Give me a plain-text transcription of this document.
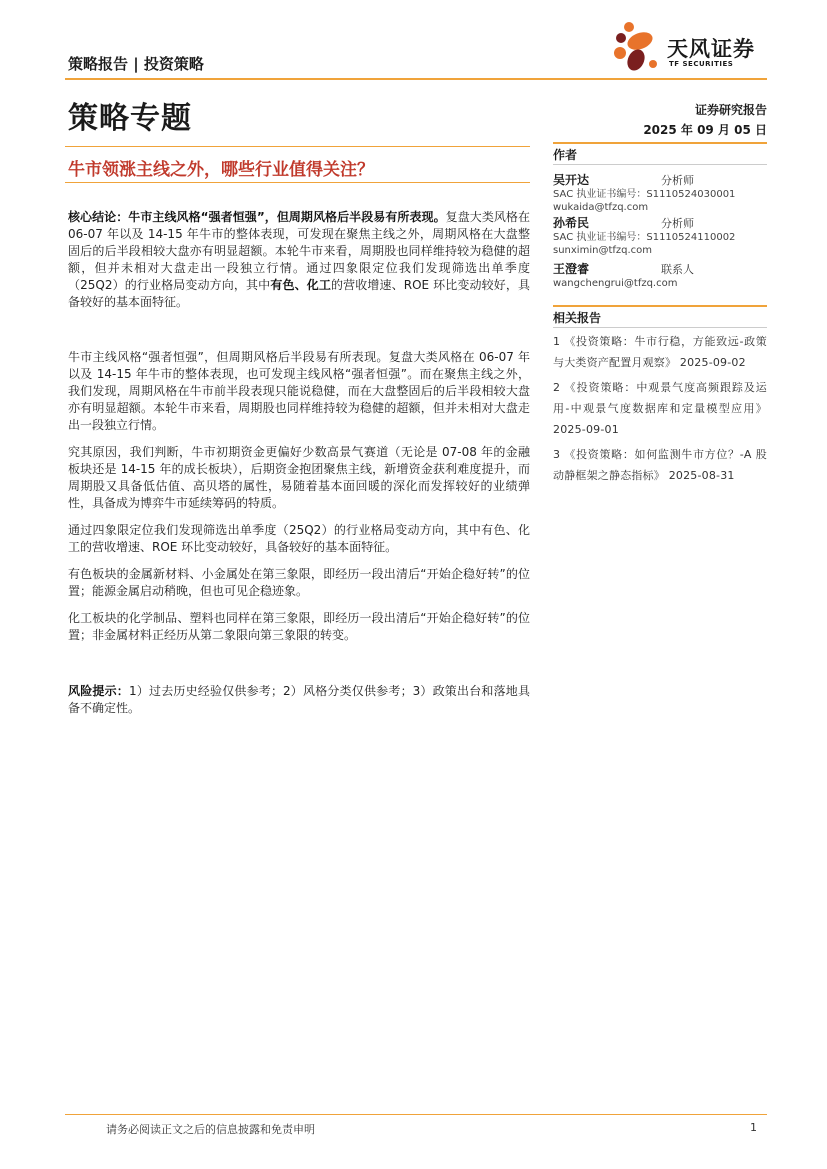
策略报告 | 投资策略
天风证券
TF SECURITIES
策略专题	证券研究报告
2025 年 09 月 05 日
牛市领涨主线之外，哪些行业值得关注？

核心结论：牛市主线风格“强者恒强”，但周期风格后半段易有所表现。复盘大类风格在 06-07 年以及 14-15 年牛市的整体表现，可发现在聚焦主线之外，周期风格在大盘整固后的后半段相较大盘亦有明显超额。本轮牛市来看，周期股也同样维持较为稳健的超额，但并未相对大盘走出一段独立行情。通过四象限定位我们发现筛选出单季度（25Q2）的行业格局变动方向，其中有色、化工的营收增速、ROE 环比变动较好，具备较好的基本面特征。

牛市主线风格“强者恒强”，但周期风格后半段易有所表现。复盘大类风格在 06-07 年以及 14-15 年牛市的整体表现，也可发现主线风格“强者恒强”。而在聚焦主线之外，我们发现，周期风格在牛市前半段表现只能说稳健，而在大盘整固后的后半段相较大盘亦有明显超额。本轮牛市来看，周期股也同样维持较为稳健的超额，但并未相对大盘走出一段独立行情。

究其原因，我们判断，牛市初期资金更偏好少数高景气赛道（无论是 07-08 年的金融板块还是 14-15 年的成长板块），后期资金抱团聚焦主线，新增资金获利难度提升，而周期股又具备低估值、高贝塔的属性，易随着基本面回暖的深化而发挥较好的业绩弹性，具备成为博弈牛市延续筹码的特质。

通过四象限定位我们发现筛选出单季度（25Q2）的行业格局变动方向，其中有色、化工的营收增速、ROE 环比变动较好，具备较好的基本面特征。

有色板块的金属新材料、小金属处在第三象限，即经历一段出清后“开始企稳好转”的位置；能源金属启动稍晚，但也可见企稳迹象。

化工板块的化学制品、塑料也同样在第三象限，即经历一段出清后“开始企稳好转”的位置；非金属材料正经历从第二象限向第三象限的转变。

风险提示：1）过去历史经验仅供参考；2）风格分类仅供参考；3）政策出台和落地具备不确定性。

作者
吴开达	分析师
SAC 执业证书编号：S1110524030001
wukaida@tfzq.com
孙希民	分析师
SAC 执业证书编号：S1110524110002
sunximin@tfzq.com
王澄睿	联系人
wangchengrui@tfzq.com
相关报告
1 《投资策略：牛市行稳，方能致远-政策与大类资产配置月观察》 2025-09-02
2 《投资策略：中观景气度高频跟踪及运用-中观景气度数据库和定量模型应用》 2025-09-01
3 《投资策略：如何监测牛市方位？-A 股动静框架之静态指标》 2025-08-31
请务必阅读正文之后的信息披露和免责申明	1
